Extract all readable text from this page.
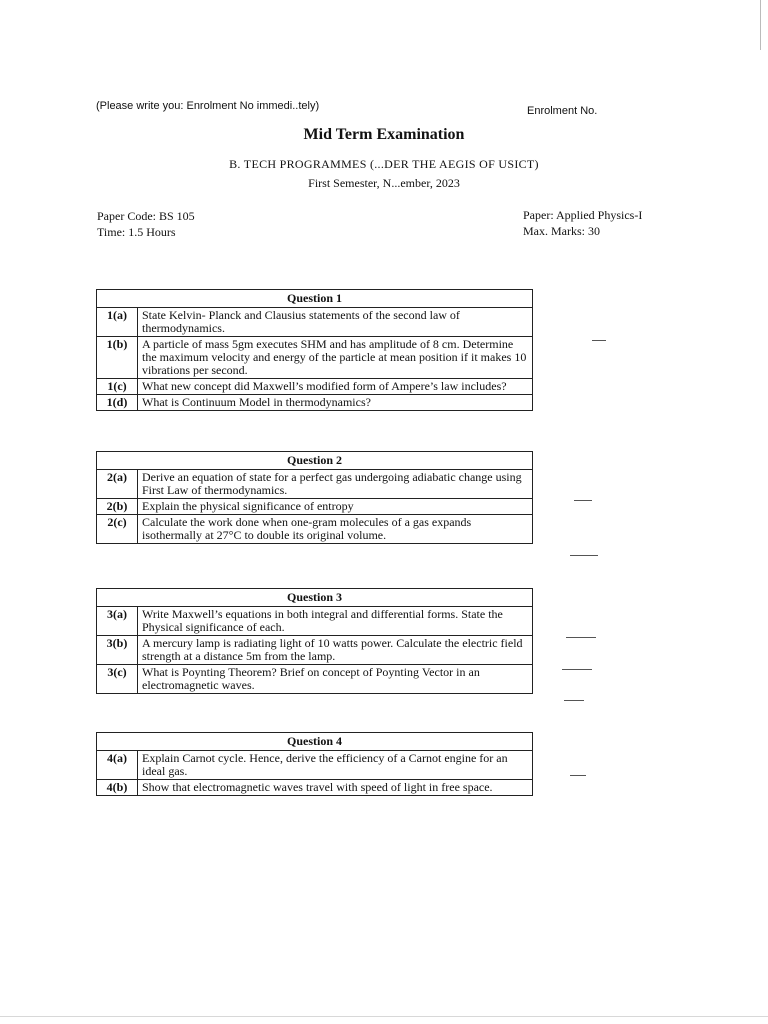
(Please write you: Enrolment No immedi..tely)	Enrolment No.
Mid Term Examination
B. TECH PROGRAMMES (...DER THE AEGIS OF USICT)
First Semester, N...ember, 2023
Paper Code: BS 105
Time: 1.5 Hours
Paper: Applied Physics-I
Max. Marks: 30
Question 1	
1(a)	State Kelvin- Planck and Clausius statements of the second law of thermodynamics.
1(b)	A particle of mass 5gm executes SHM and has amplitude of 8 cm. Determine the maximum velocity and energy of the particle at mean position if it makes 10 vibrations per second.
1(c)	What new concept did Maxwell’s modified form of Ampere’s law includes?
1(d)	What is Continuum Model in thermodynamics?
Question 2	
2(a)	Derive an equation of state for a perfect gas undergoing adiabatic change using First Law of thermodynamics.
2(b)	Explain the physical significance of entropy
2(c)	Calculate the work done when one-gram molecules of a gas expands isothermally at 27°C to double its original volume.
Question 3	
3(a)	Write Maxwell’s equations in both integral and differential forms. State the Physical significance of each.
3(b)	A mercury lamp is radiating light of 10 watts power. Calculate the electric field strength at a distance 5m from the lamp.
3(c)	What is Poynting Theorem? Brief on concept of Poynting Vector in an electromagnetic waves.
Question 4	
4(a)	Explain Carnot cycle. Hence, derive the efficiency of a Carnot engine for an ideal gas.
4(b)	Show that electromagnetic waves travel with speed of light in free space.
